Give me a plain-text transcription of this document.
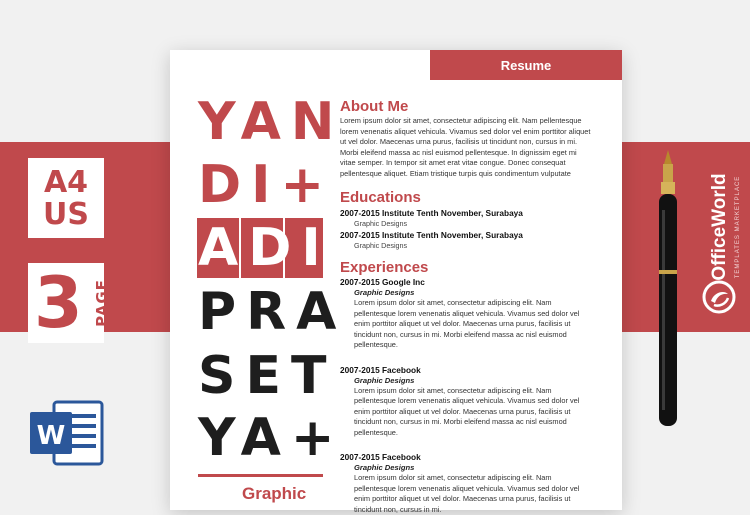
A4
US
3 PAGE
W
OfficeWorld TEMPLATES MARKETPLACE
Resume
YAN
DI+
ADI
PRA
SET
YA+
Graphic
About Me
Lorem ipsum dolor sit amet, consectetur adipiscing elit. Nam pellentesque lorem venenatis aliquet vehicula. Vivamus sed dolor vel enim porttitor aliquet ut vel dolor. Maecenas urna purus, facilisis ut tincidunt non, cursus in mi. Morbi eleifend massa ac nisl euismod pellentesque. In dignissim eget mi vitae semper. In tempor sit amet erat vitae congue. Donec consequat pellentesque aliquet. Etiam tristique turpis quis condimentum vulputate
Educations
2007-2015 Institute Tenth November, Surabaya
Graphic Designs
2007-2015 Institute Tenth November, Surabaya
Graphic Designs
Experiences
2007-2015 Google Inc
Graphic Designs
Lorem ipsum dolor sit amet, consectetur adipiscing elit. Nam pellentesque lorem venenatis aliquet vehicula. Vivamus sed dolor vel enim porttitor aliquet ut vel dolor. Maecenas urna purus, facilisis ut tincidunt non, cursus in mi. Morbi eleifend massa ac nisl euismod pellentesque.
2007-2015 Facebook
Graphic Designs
Lorem ipsum dolor sit amet, consectetur adipiscing elit. Nam pellentesque lorem venenatis aliquet vehicula. Vivamus sed dolor vel enim porttitor aliquet ut vel dolor. Maecenas urna purus, facilisis ut tincidunt non, cursus in mi. Morbi eleifend massa ac nisl euismod pellentesque.
2007-2015 Facebook
Graphic Designs
Lorem ipsum dolor sit amet, consectetur adipiscing elit. Nam pellentesque lorem venenatis aliquet vehicula. Vivamus sed dolor vel enim porttitor aliquet ut vel dolor. Maecenas urna purus, facilisis ut tincidunt non, cursus in mi.
